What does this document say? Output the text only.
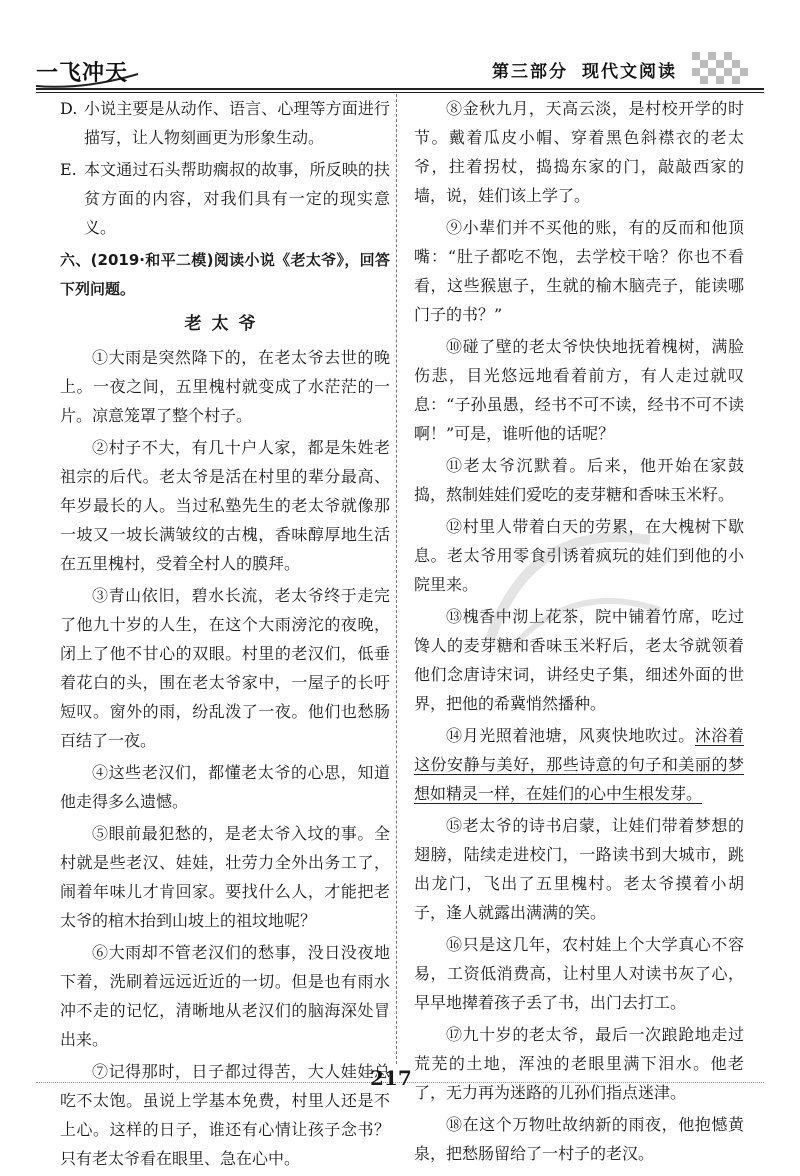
一飞冲天	第三部分 现代文阅读

D. 小说主要是从动作、语言、心理等方面进行描写，让人物刻画更为形象生动。

E. 本文通过石头帮助瘸叔的故事，所反映的扶贫方面的内容，对我们具有一定的现实意义。

六、(2019·和平二模)阅读小说《老太爷》，回答下列问题。

老太爷

①大雨是突然降下的，在老太爷去世的晚上。一夜之间，五里槐村就变成了水茫茫的一片。凉意笼罩了整个村子。

②村子不大，有几十户人家，都是朱姓老祖宗的后代。老太爷是活在村里的辈分最高、年岁最长的人。当过私塾先生的老太爷就像那一坡又一坡长满皱纹的古槐，香味醇厚地生活在五里槐村，受着全村人的膜拜。

③青山依旧，碧水长流，老太爷终于走完了他九十岁的人生，在这个大雨滂沱的夜晚，闭上了他不甘心的双眼。村里的老汉们，低垂着花白的头，围在老太爷家中，一屋子的长吁短叹。窗外的雨，纷乱泼了一夜。他们也愁肠百结了一夜。

④这些老汉们，都懂老太爷的心思，知道他走得多么遗憾。

⑤眼前最犯愁的，是老太爷入坟的事。全村就是些老汉、娃娃，壮劳力全外出务工了，闹着年味儿才肯回家。要找什么人，才能把老太爷的棺木抬到山坡上的祖坟地呢？

⑥大雨却不管老汉们的愁事，没日没夜地下着，洗刷着远远近近的一切。但是也有雨水冲不走的记忆，清晰地从老汉们的脑海深处冒出来。

⑦记得那时，日子都过得苦，大人娃娃总吃不太饱。虽说上学基本免费，村里人还是不上心。这样的日子，谁还有心情让孩子念书？只有老太爷看在眼里、急在心中。

⑧金秋九月，天高云淡，是村校开学的时节。戴着瓜皮小帽、穿着黑色斜襟衣的老太爷，拄着拐杖，捣捣东家的门，敲敲西家的墙，说，娃们该上学了。

⑨小辈们并不买他的账，有的反而和他顶嘴：“肚子都吃不饱，去学校干啥？你也不看看，这些猴崽子，生就的榆木脑壳子，能读哪门子的书？”

⑩碰了壁的老太爷快快地抚着槐树，满脸伤悲，目光悠远地看着前方，有人走过就叹息：“子孙虽愚，经书不可不读，经书不可不读啊！”可是，谁听他的话呢？

⑪老太爷沉默着。后来，他开始在家鼓捣，熬制娃娃们爱吃的麦芽糖和香味玉米籽。

⑫村里人带着白天的劳累，在大槐树下歇息。老太爷用零食引诱着疯玩的娃们到他的小院里来。

⑬槐香中沏上花茶，院中铺着竹席，吃过馋人的麦芽糖和香味玉米籽后，老太爷就领着他们念唐诗宋词，讲经史子集，细述外面的世界，把他的希冀悄然播种。

⑭月光照着池塘，风爽快地吹过。沐浴着这份安静与美好，那些诗意的句子和美丽的梦想如精灵一样，在娃们的心中生根发芽。

⑮老太爷的诗书启蒙，让娃们带着梦想的翅膀，陆续走进校门，一路读书到大城市，跳出龙门，飞出了五里槐村。老太爷摸着小胡子，逢人就露出满满的笑。

⑯只是这几年，农村娃上个大学真心不容易，工资低消费高，让村里人对读书灰了心，早早地撵着孩子丢了书，出门去打工。

⑰九十岁的老太爷，最后一次踉跄地走过荒芜的土地，浑浊的老眼里满下泪水。他老了，无力再为迷路的儿孙们指点迷津。

⑱在这个万物吐故纳新的雨夜，他抱憾黄泉，把愁肠留给了一村子的老汉。

217
